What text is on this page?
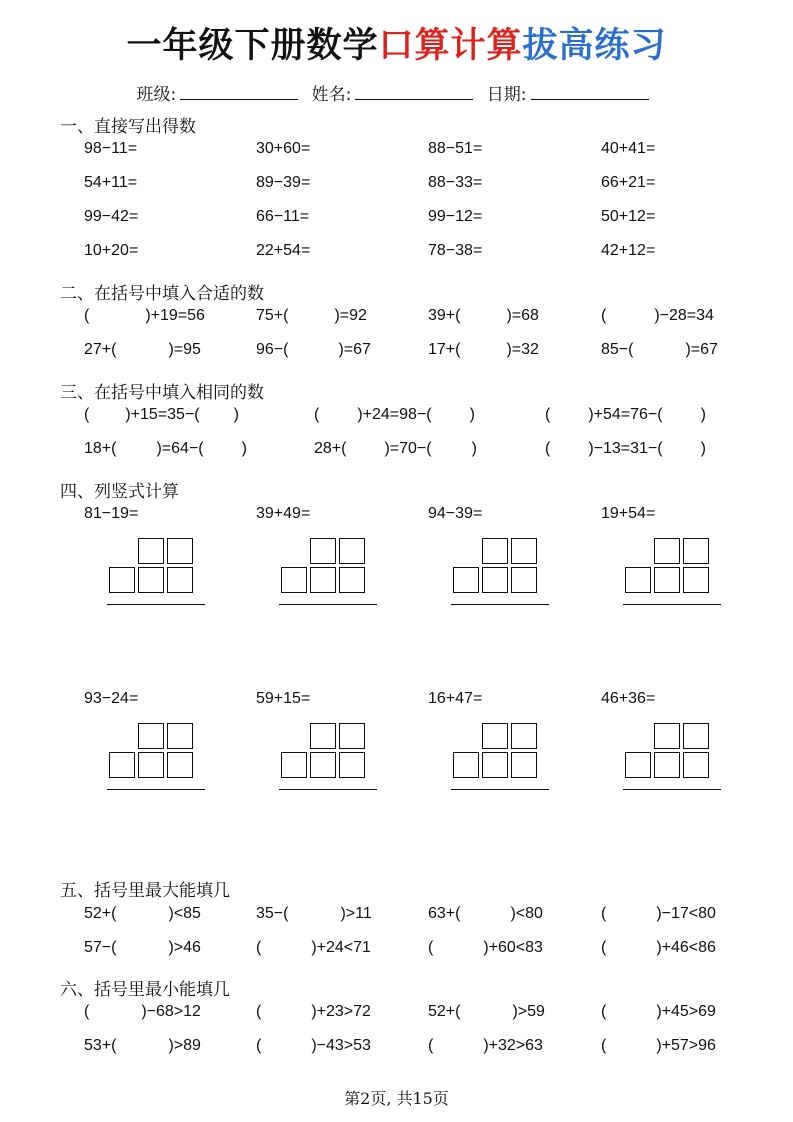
一年级下册数学口算计算拔高练习
班级:	姓名:	日期:
一、直接写出得数
98−11=	30+60=	88−51=	40+41=
54+11=	89−39=	88−33=	66+21=
99−42=	66−11=	99−12=	50+12=
10+20=	22+54=	78−38=	42+12=
二、在括号中填入合适的数
(	)+19=56	75+(	)=92	39+(	)=68	(	)−28=34
27+(	)=95	96−(	)=67	17+(	)=32	85−(	)=67
三、在括号中填入相同的数
( )+15=35−( )	( )+24=98−( )	( )+54=76−( )
18+(	)=64−( )	28+( )=70−(	)	( )−13=31−( )
四、列竖式计算
81−19=	39+49=	94−39=	19+54=
93−24=	59+15=	16+47=	46+36=
五、括号里最大能填几
52+(	)<85	35−(	)>11	63+(	)<80	(	)−17<80
57−(	)>46	(	)+24<71	(	)+60<83	(	)+46<86
六、括号里最小能填几
(	)−68>12	(	)+23>72	52+(	)>59	(	)+45>69
53+(	)>89	(	)−43>53	(	)+32>63	(	)+57>96
第2页, 共15页
